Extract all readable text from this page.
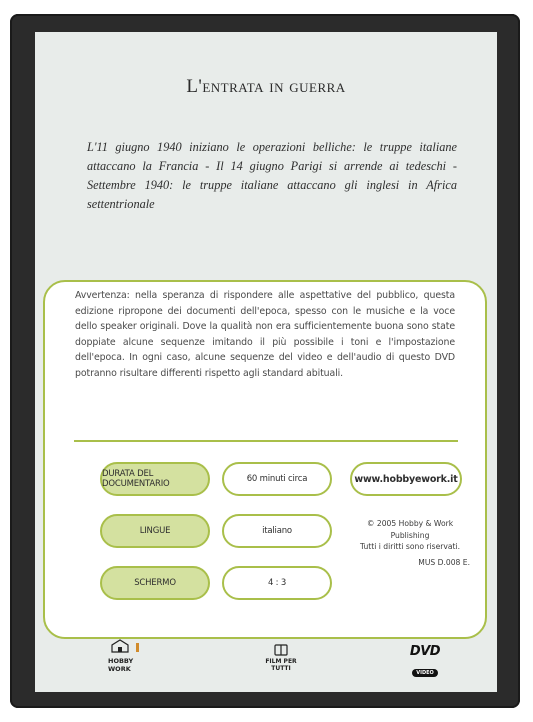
L'entrata in guerra
L'11 giugno 1940 iniziano le operazioni belliche: le truppe italiane attaccano la Francia - Il 14 giugno Parigi si arrende ai tedeschi - Settembre 1940: le truppe italiane attaccano gli inglesi in Africa settentrionale
Avvertenza: nella speranza di rispondere alle aspettative del pubblico, questa edizione ripropone dei documenti dell'epoca, spesso con le musiche e la voce dello speaker originali. Dove la qualità non era sufficientemente buona sono state doppiate alcune sequenze imitando il più possibile i toni e l'impostazione dell'epoca. In ogni caso, alcune sequenze del video e dell'audio di questo DVD potranno risultare differenti rispetto agli standard abituali.
DURATA DEL DOCUMENTARIO	60 minuti circa	www.hobbyework.it
LINGUE	italiano
SCHERMO	4 : 3
© 2005 Hobby & Work Publishing
Tutti i diritti sono riservati.
MUS D.008 E.
HOBBY
WORK
FILM PER
TUTTI
DVD
VIDEO
